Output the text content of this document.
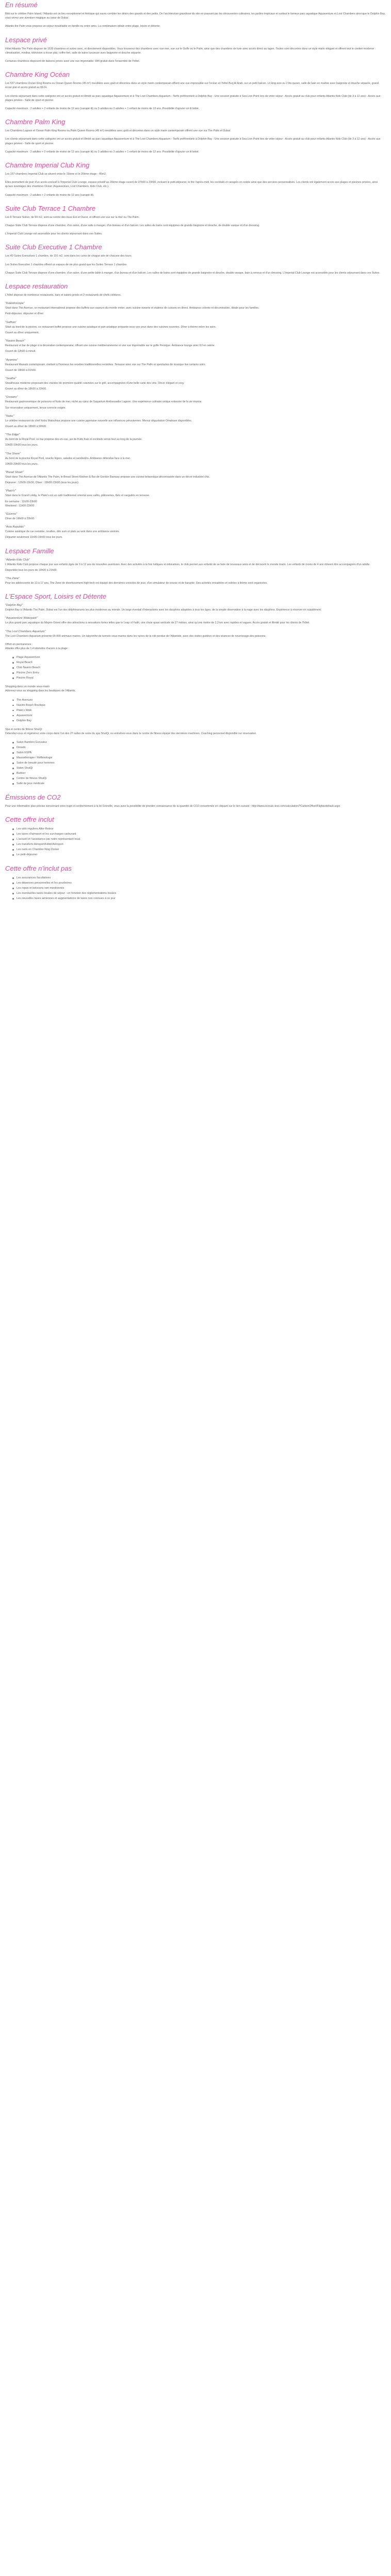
En résumé
Bâti sur le célèbre Palm Island, l'Atlantis est un lieu exceptionnel et féérique qui saura combler les désirs des grands et des petits. De l'architecture grandiose du site en passant par les découvertes culinaires, les jardins tropicaux et surtout le fameux parc aquatique Aquaventure et Lost Chambers ainsi que le Dolphin Bay, vous vivrez une aventure magique au cœur de Dubaï.
Atlantis the Palm vous propose un séjour inoubliable en famille ou entre amis. La combinaison idéale entre plage, loisirs et détente.
Lespace privé
Hôtel Atlantis The Palm dispose de 1539 chambres et suites avec, et directement disponibles. Vous trouverez des chambres avec vue mer, vue sur le Golfe ou le Palm, ainsi que des chambres de luxe avec accès direct au lagon. Toutes sont décorées dans un style marin élégant et offrent tout le confort moderne : climatisation, minibar, télévision à écran plat, coffre-fort, salle de bains luxueuse avec baignoire et douche séparée.
Certaines chambres disposent de balcons privés avec une vue imprenable. Wifi gratuit dans l'ensemble de l'hôtel.
Chambre King Océan
Les 537 chambres Océan King Rooms ou Ocean Queen Rooms (45 m²) meublées avec goût et décorées dans un style marin contemporain offrent une vue imprenable sur l'océan et l'hôtel Burj Al Arab, sur un petit balcon. Lit king-size ou 2 lits queen, salle de bain en marbre avec baignoire et douche séparée, grand écran plat et accès gratuit au Wi-Fi.
Les clients séjournant dans cette catégorie ont un accès gratuit et illimité au parc aquatique Aquaventure et à The Lost Chambers Aquarium - Tarifs préférentiels à Dolphin Bay - Une session gratuite à Sea Lion Point lors de votre séjour - Accès gratuit au club pour enfants Atlantis Kids Club (de 3 à 12 ans) - Accès aux plages privées - Salle de sport et piscine.
Capacité maximum : 2 adultes + 2 enfants de moins de 12 ans (canapé-lit) ou 3 adultes ou 3 adultes + 1 enfant de moins de 12 ans. Possibilité d'ajouter un lit bébé.
Chambre Palm King
Les Chambres Lagoon et Ocean Palm King Rooms ou Palm Queen Rooms (45 m²) meublées avec goût et décorées dans un style marin contemporain offrent une vue sur The Palm et Dubaï.
Les clients séjournant dans cette catégorie ont un accès gratuit et illimité au parc aquatique Aquaventure et à The Lost Chambers Aquarium - Tarifs préférentiels à Dolphin Bay - Une session gratuite à Sea Lion Point lors de votre séjour - Accès gratuit au club pour enfants Atlantis Kids Club (de 3 à 12 ans) - Accès aux plages privées - Salle de sport et piscine.
Capacité maximum : 2 adultes + 2 enfants de moins de 12 ans (canapé-lit) ou 3 adultes ou 3 adultes + 1 enfant de moins de 12 ans. Possibilité d'ajouter un lit bébé.
Chambre Imperial Club King
Les 157 chambres Imperial Club se situent entre le 15ème et le 20ème étage - 45m2.
Elles permettent de jouir d'un accès exclusif à l'Imperial Club Lounge, espace privatif au 20ème étage ouvert de 07h00 à 23h00, incluant le petit-déjeuner, le thé l'après-midi, les cocktails et canapés en soirée ainsi que des services personnalisés. Les clients ont également accès aux plages et piscines privées, ainsi qu'aux avantages des chambres Océan (Aquaventure, Lost Chambers, Kids Club, etc.).
Capacité maximum : 2 adultes + 2 enfants de moins de 12 ans (canapé-lit).
Suite Club Terrace 1 Chambre
Les 8 Terrace Suites, de 94 m2, sont au centre des tours Est et Ouest, et offrent une vue sur la mer ou The Palm.
Chaque Suite Club Terrace dispose d'une chambre, d'un salon, d'une salle à manger, d'un bureau et d'un balcon. Les salles de bains sont équipées de grande baignoire et douche, de double vasque et d'un dressing.
L'Imperial Club Lounge est accessible pour les clients séjournant dans ces Suites.
Suite Club Executive 1 Chambre
Les 40 Suites Executives 1 chambre, de 101 m2, sont dans les coins de chaque aile de chacune des tours.
Les Suites Executive 1 chambre offrent un espace de vie plus grand que les Suites Terrace 1 chambre.
Chaque Suite Club Terrace dispose d'une chambre, d'un salon, d'une petite table à manger, d'un bureau et d'un balcon. Les salles de bains sont équipées de grande baignoire et douche, double vasque, bain à remous et d'un dressing. L'Imperial Club Lounge est accessible pour les clients séjournant dans ces Suites.
Lespace restauration
L'hôtel dispose de nombreux restaurants, bars et salons privés et 2 restaurants de chefs célèbres.
"Kaleidoscope"
Situé dans The Avenue, ce restaurant international propose des buffets aux saveurs du monde entier, avec cuisine ouverte et stations de cuisson en direct. Ambiance colorée et décontractée, idéale pour les familles.
Petit-déjeuner, déjeuner et dîner.
"Saffron"
Situé au bord de la piscine, ce restaurant buffet propose une cuisine asiatique et pan-asiatique préparée sous vos yeux dans des cuisines ouvertes. Dîner à thème selon les soirs.
Ouvert au dîner uniquement.
"Nasimi Beach"
Restaurant et bar de plage à la décoration contemporaine, offrant une cuisine méditerranéenne et une vue imprenable sur le golfe Persique. Ambiance lounge avec DJ en soirée.
Ouvert de 12h00 à minuit.
"Ayamna"
Restaurant libanais contemporain, mettant à l'honneur les recettes traditionnelles revisitées. Terrasse avec vue sur The Palm et spectacles de musique live certains soirs.
Ouvert de 18h00 à 01h00.
"Seafire"
Steakhouse moderne proposant des viandes de première qualité cuisinées sur le grill, accompagnées d'une belle carte des vins. Décor élégant et cosy.
Ouvert au dîner de 18h30 à 23h00.
"Ossiano"
Restaurant gastronomique de poissons et fruits de mer, niché au cœur de l'aquarium Ambassador Lagoon. Une expérience culinaire unique entourée de la vie marine.
Sur réservation uniquement, tenue correcte exigée.
"Nobu"
Le célèbre restaurant du chef Nobu Matsuhisa propose une cuisine japonaise nouvelle aux influences péruviennes. Menus dégustation Omakase disponibles.
Ouvert au dîner de 18h00 à 00h00.
"The Edge"
Au bord de la Royal Pool, ce bar propose des en-cas, jus de fruits frais et cocktails servis tout au long de la journée.
10h00-19h00 tous les jours.
"The Shore"
Au bord de la piscine Royal Pool, snacks légers, salades et sandwichs. Ambiance détendue face à la mer.
10h00-20h00 tous les jours.
"Bread Street"
Situé dans The Avenue de l'Atlantis The Palm, le Bread Street Kitchen & Bar de Gordon Ramsay propose une cuisine britannique décontractée dans un décor industriel chic.
Déjeuner : 12h00-15h30, Dîner : 18h00-23h00 (tous les jours).
"Plato's"
Situé dans le Grand Lobby, le Plato's est un café traditionnel oriental avec cafés, pâtisseries, thés et narguilés en terrasse.
En semaine : 11h00-23h00
Weekend : 11h00-23h00
"Gizzmo"
Dîner de 19h00 à 23h00.
"Asia Republic"
Cuisine asiatique de rue revisitée, nouilles, dim sum et plats au wok dans une ambiance animée.
Déjeuner seulement 11h00-15h00 tous les jours.
Lespace Famille
"Atlantis Kids Club"
L'Atlantis Kids Club propose chaque jour aux enfants âgés de 3 à 12 ans de nouvelles aventures. Avec des activités à la fois ludiques et éducatives, le club permet aux enfants de se faire de nouveaux amis et de découvrir le monde marin. Les enfants de moins de 4 ans doivent être accompagnés d'un adulte.
Disponible tous les jours de 10h00 à 21h00.
"The Zone"
Pour les adolescents de 13 à 17 ans, The Zone de divertissement high-tech est équipé des dernières consoles de jeux, d'un simulateur de course et de karaoké. Des activités encadrées et soirées à thème sont organisées.
L'Espace Sport, Loisirs et Détente
"Dolphin Bay"
Dolphin Bay à l'Atlantis The Palm, Dubaï est l'un des délphinariums les plus modernes au monde. Un large éventail d'interactions avec les dauphins adaptées à tous les âges, de la simple observation à la nage avec les dauphins. Expérience à réserver en supplément.
"Aquaventure Waterpark"
Le plus grand parc aquatique du Moyen-Orient offre des attractions à sensations fortes telles que le Leap of Faith, une chute quasi verticale de 27 mètres, ainsi qu'une rivière de 2,3 km avec rapides et vagues. Accès gratuit et illimité pour les clients de l'hôtel.
"The Lost Chambers Aquarium"
The Lost Chambers Aquarium présente 65 000 animaux marins. Un labyrinthe de tunnels sous-marins dans les ruines de la cité perdue de l'Atlantide, avec des visites guidées et des séances de nourrissage des poissons.
Offert en permanence :
Atlantis offre plus de 1,4 kilomètre d'accès à la plage :
Plage Aquaventure
Royal Beach
Club Nasimi Beach
Piscine Zero Entry
Piscine Royal
Shopping dans un monde sous-marin
Adonnez-vous au shopping dans les boutiques de l'Atlantis.
The Avenues
Nasimi Beach Boutique
Plato's Walk
Aquaventure
Dolphin Bay
Spa et centre de fitness ShuiQi
Détendez-vous et régénérez votre corps dans l'un des 27 salles de soins du spa ShuiQi, ou entraînez-vous dans le centre de fitness équipé des dernières machines. Coaching personnel disponible sur réservation.
Salon Bambini Gonzalez
Dorado
Salon ESPA
Massothérapie / Réflexologie
Salon de beauté pour hommes
Salon ShuiQi
Barbier
Centre de fitness ShuiQi
Salle de jeux médicale
Émissions de CO2
Pour une information plus précise concernant votre trajet et conformément à la loi Grenelle, vous avez la possibilité de prendre connaissance de la quantité de CO2 consommée en cliquant sur le lien suivant : http://www.ecocalc-test.com/calculation/?CarbonOffset/Flights/default.aspx
Cette offre inclut
Les vols réguliers Aller-Retour
Les taxes d'aéroport et les surcharges carburant
L'accueil et l'assistance par notre représentant local
Les transferts Aéroport/Hôtel/Aéroport
Les nuits en Chambre King Océan
Le petit-déjeuner
Cette offre n'inclut pas
Les assurances facultatives
Les dépenses personnelles et les pourboires
Les repas et boissons non mentionnés
Les éventuelles taxes locales de séjour - en fonction des réglementations locales
Les nouvelles taxes aériennes et augmentations de taxes non connues à ce jour
